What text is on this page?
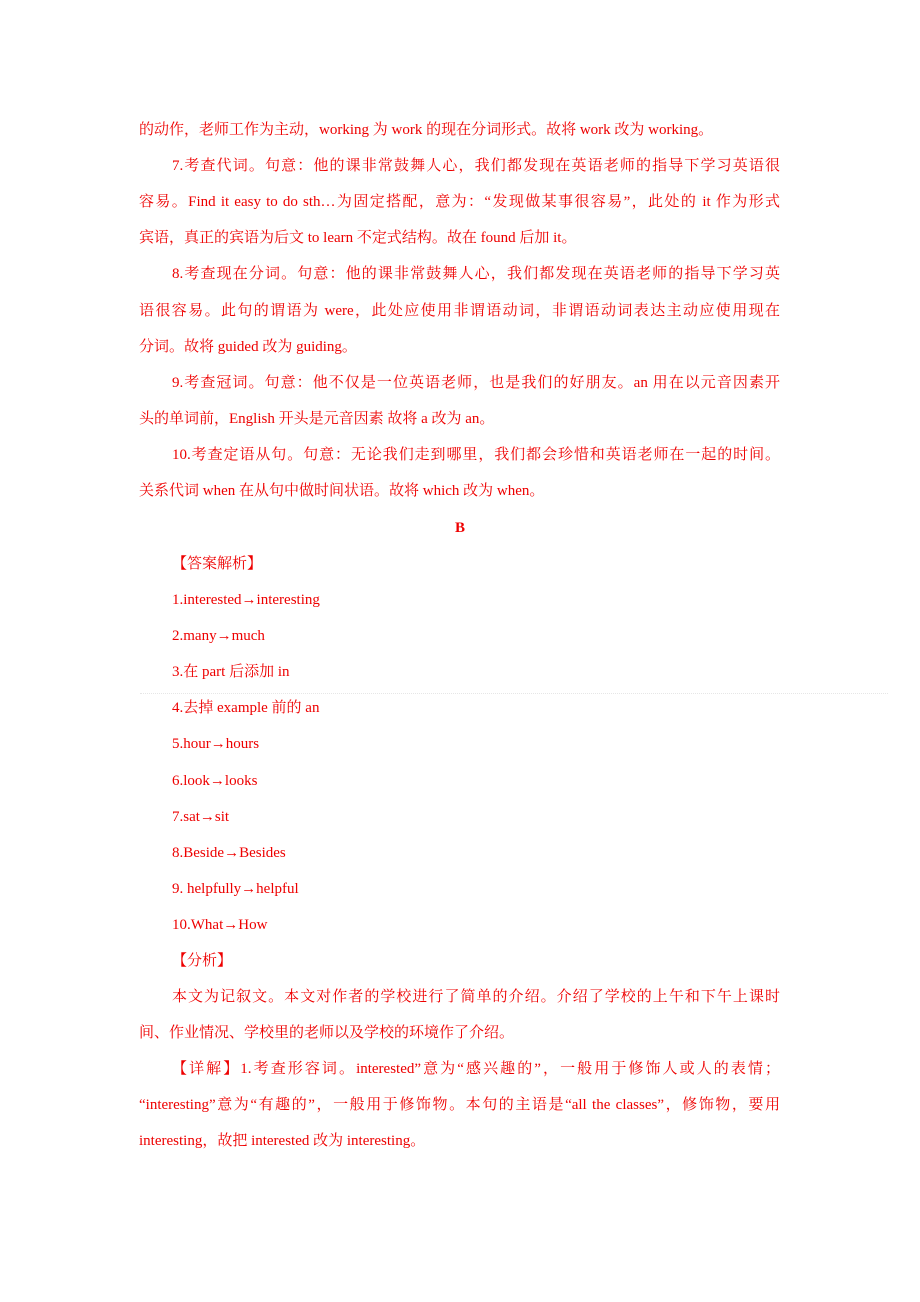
的动作，老师工作为主动，working 为 work 的现在分词形式。故将 work 改为 working。
7.考查代词。句意：他的课非常鼓舞人心，我们都发现在英语老师的指导下学习英语很
容易。Find it easy to do sth…为固定搭配，意为：“发现做某事很容易”，此处的 it 作为形式
宾语，真正的宾语为后文 to learn 不定式结构。故在 found 后加 it。
8.考查现在分词。句意：他的课非常鼓舞人心，我们都发现在英语老师的指导下学习英
语很容易。此句的谓语为 were，此处应使用非谓语动词，非谓语动词表达主动应使用现在
分词。故将 guided 改为 guiding。
9.考查冠词。句意：他不仅是一位英语老师，也是我们的好朋友。an 用在以元音因素开
头的单词前，English 开头是元音因素 故将 a 改为 an。
10.考查定语从句。句意：无论我们走到哪里，我们都会珍惜和英语老师在一起的时间。
关系代词 when 在从句中做时间状语。故将 which 改为 when。
B
【答案解析】
1.interested→interesting
2.many→much
3.在 part 后添加 in
4.去掉 example 前的 an
5.hour→hours
6.look→looks
7.sat→sit
8.Beside→Besides
9. helpfully→helpful
10.What→How
【分析】
本文为记叙文。本文对作者的学校进行了简单的介绍。介绍了学校的上午和下午上课时
间、作业情况、学校里的老师以及学校的环境作了介绍。
【详解】1.考查形容词。interested”意为“感兴趣的”，一般用于修饰人或人的表情；
“interesting”意为“有趣的”，一般用于修饰物。本句的主语是“all the classes”，修饰物，要用
interesting，故把 interested 改为 interesting。
